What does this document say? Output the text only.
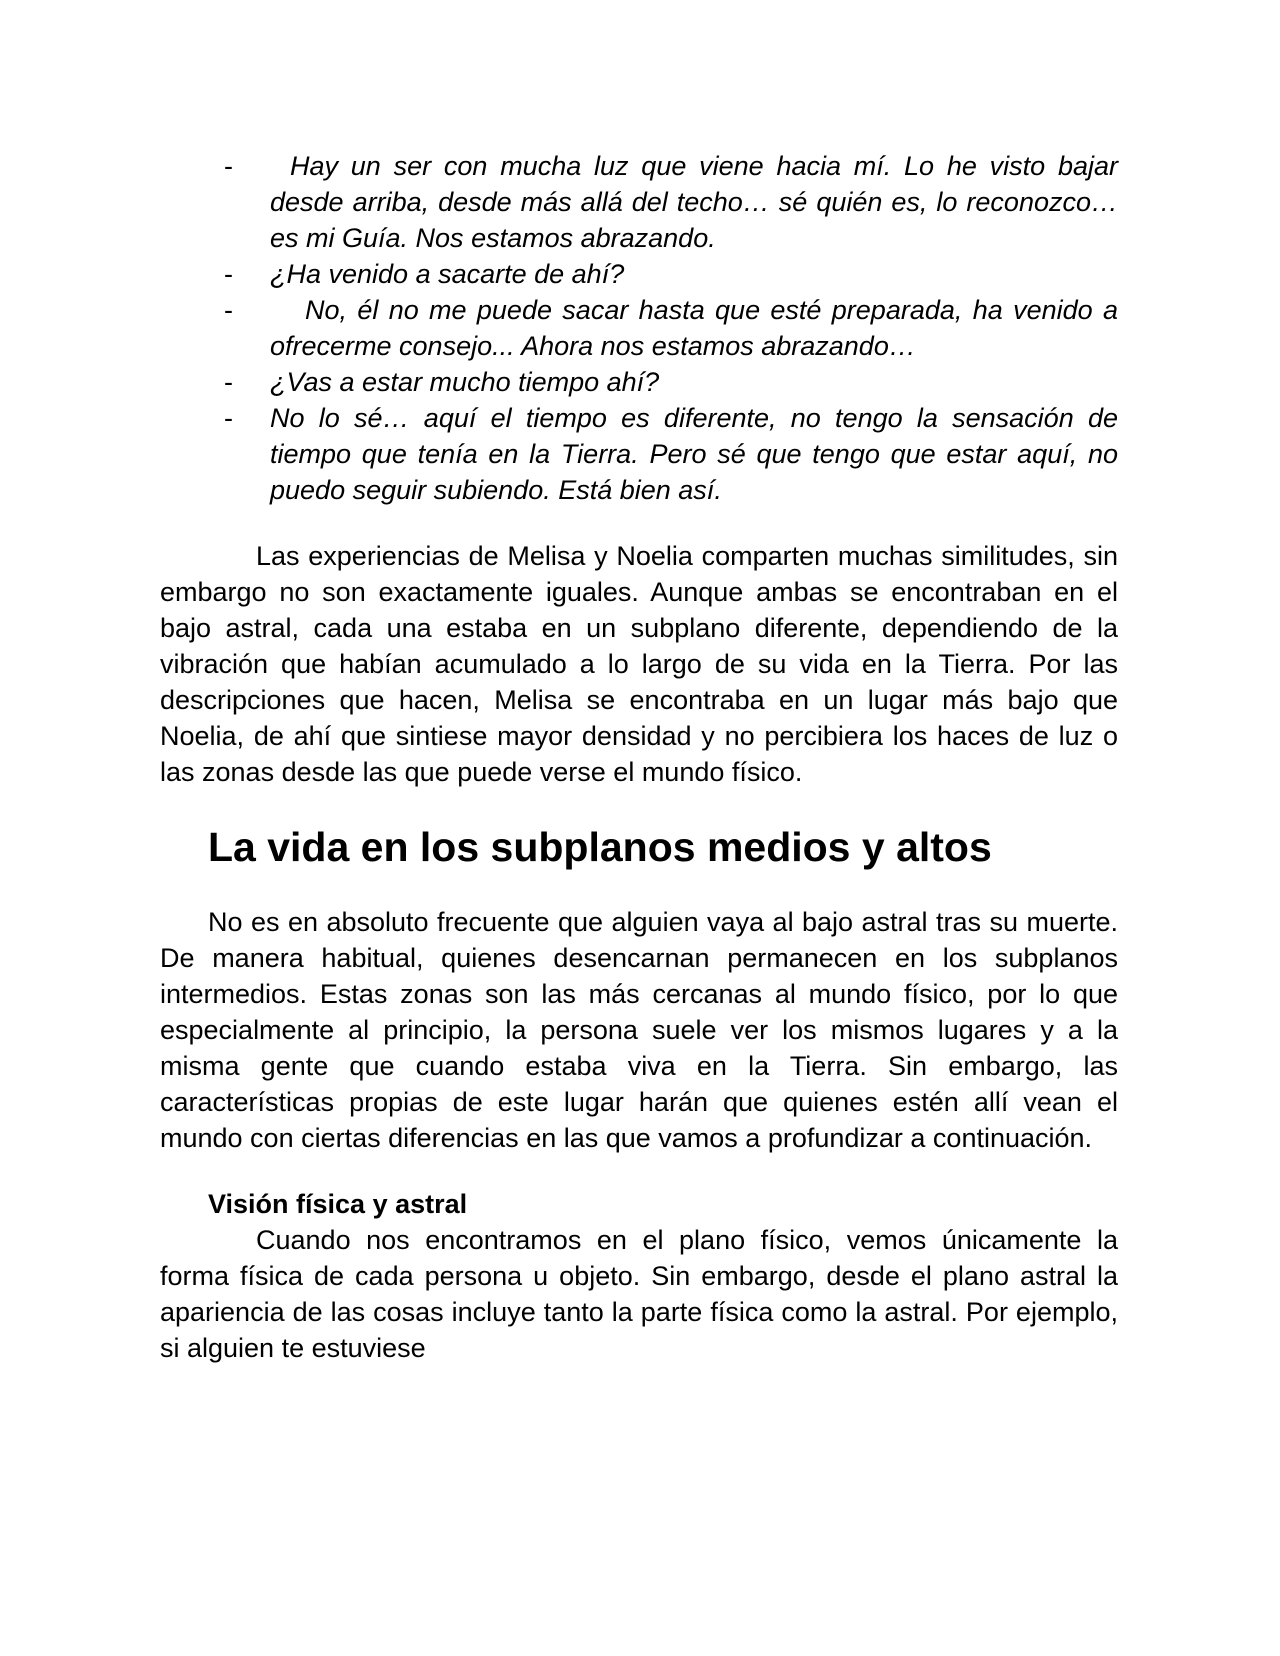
-	Hay un ser con mucha luz que viene hacia mí. Lo he visto bajar desde arriba, desde más allá del techo… sé quién es, lo reconozco… es mi Guía. Nos estamos abrazando.
- ¿Ha venido a sacarte de ahí?
-	No, él no me puede sacar hasta que esté preparada, ha venido a ofrecerme consejo... Ahora nos estamos abrazando…
- ¿Vas a estar mucho tiempo ahí?
- No lo sé… aquí el tiempo es diferente, no tengo la sensación de tiempo que tenía en la Tierra. Pero sé que tengo que estar aquí, no puedo seguir subiendo. Está bien así.

Las experiencias de Melisa y Noelia comparten muchas similitudes, sin embargo no son exactamente iguales. Aunque ambas se encontraban en el bajo astral, cada una estaba en un subplano diferente, dependiendo de la vibración que habían acumulado a lo largo de su vida en la Tierra. Por las descripciones que hacen, Melisa se encontraba en un lugar más bajo que Noelia, de ahí que sintiese mayor densidad y no percibiera los haces de luz o las zonas desde las que puede verse el mundo físico.

La vida en los subplanos medios y altos

No es en absoluto frecuente que alguien vaya al bajo astral tras su muerte. De manera habitual, quienes desencarnan permanecen en los subplanos intermedios. Estas zonas son las más cercanas al mundo físico, por lo que especialmente al principio, la persona suele ver los mismos lugares y a la misma gente que cuando estaba viva en la Tierra. Sin embargo, las características propias de este lugar harán que quienes estén allí vean el mundo con ciertas diferencias en las que vamos a profundizar a continuación.

Visión física y astral

Cuando nos encontramos en el plano físico, vemos únicamente la forma física de cada persona u objeto. Sin embargo, desde el plano astral la apariencia de las cosas incluye tanto la parte física como la astral. Por ejemplo, si alguien te estuviese
